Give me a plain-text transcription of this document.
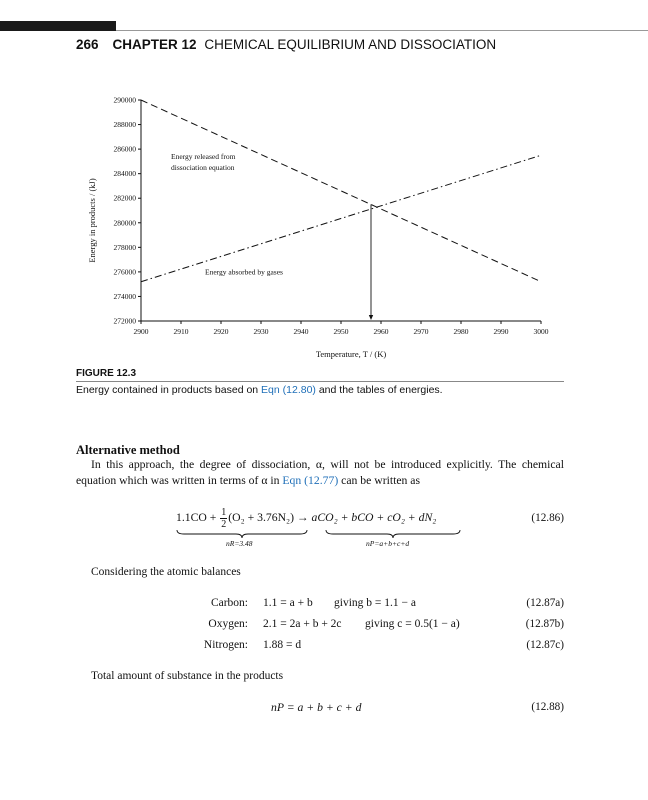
266 CHAPTER 12 CHEMICAL EQUILIBRIUM AND DISSOCIATION
272000
274000
276000
278000
280000
282000
284000
286000
288000
290000
2900	2910	2920	2930	2940	2950	2960	2970	2980	2990	3000
Temperature, T / (K)
Energy in products / (kJ)
Energy released from
dissociation equation
Energy absorbed by gases
FIGURE 12.3
Energy contained in products based on Eqn (12.80) and the tables of energies.
Alternative method
In this approach, the degree of dissociation, α, will not be introduced explicitly. The chemical equation which was written in terms of α in Eqn (12.77) can be written as
$1.1CO + \frac{1}{2} (O_2 + 3.76N_2) \to aCO_2$ + bCO + cO₂ + dN₂
nR=3.48	nP=a+b+c+d
(12.86)
Considering the atomic balances
Carbon: 1.1 = a + b giving b = 1.1 − a	(12.87a)
Oxygen: 2.1 = 2a + b + 2c giving c = 0.5(1 − a)	(12.87b)
Nitrogen: 1.88 = d	(12.87c)
Total amount of substance in the products
nP = a + b + c + d	(12.88)
